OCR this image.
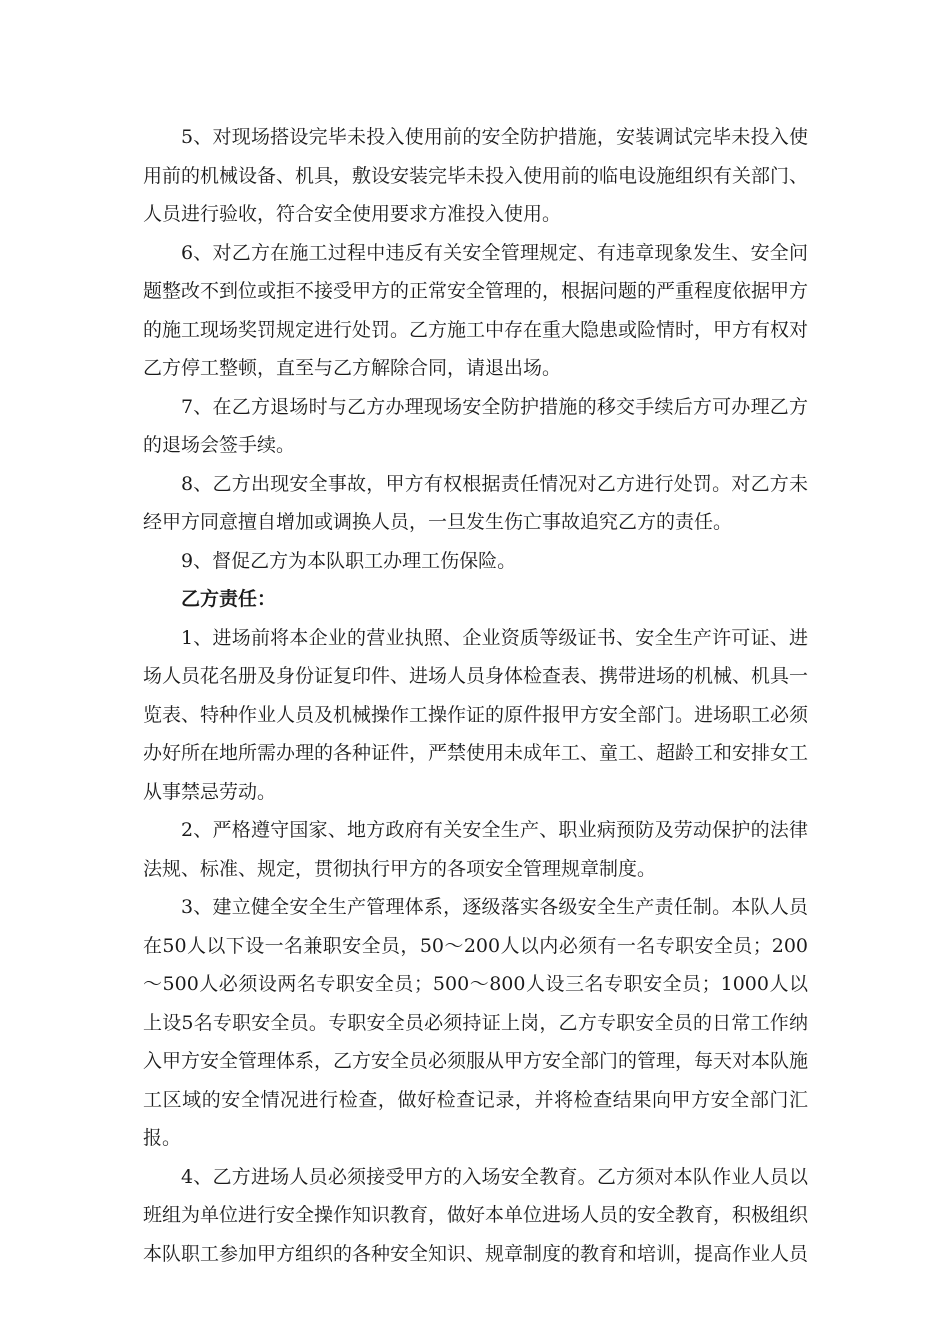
5、对现场搭设完毕未投入使用前的安全防护措施，安装调试完毕未投入使用前的机械设备、机具，敷设安装完毕未投入使用前的临电设施组织有关部门、人员进行验收，符合安全使用要求方准投入使用。

6、对乙方在施工过程中违反有关安全管理规定、有违章现象发生、安全问题整改不到位或拒不接受甲方的正常安全管理的，根据问题的严重程度依据甲方的施工现场奖罚规定进行处罚。乙方施工中存在重大隐患或险情时，甲方有权对乙方停工整顿，直至与乙方解除合同，请退出场。

7、在乙方退场时与乙方办理现场安全防护措施的移交手续后方可办理乙方的退场会签手续。

8、乙方出现安全事故，甲方有权根据责任情况对乙方进行处罚。对乙方未经甲方同意擅自增加或调换人员，一旦发生伤亡事故追究乙方的责任。

9、督促乙方为本队职工办理工伤保险。

乙方责任：

1、进场前将本企业的营业执照、企业资质等级证书、安全生产许可证、进场人员花名册及身份证复印件、进场人员身体检查表、携带进场的机械、机具一览表、特种作业人员及机械操作工操作证的原件报甲方安全部门。进场职工必须办好所在地所需办理的各种证件，严禁使用未成年工、童工、超龄工和安排女工从事禁忌劳动。

2、严格遵守国家、地方政府有关安全生产、职业病预防及劳动保护的法律法规、标准、规定，贯彻执行甲方的各项安全管理规章制度。

3、建立健全安全生产管理体系，逐级落实各级安全生产责任制。本队人员在50人以下设一名兼职安全员，50～200人以内必须有一名专职安全员；200～500人必须设两名专职安全员；500～800人设三名专职安全员；1000人以上设5名专职安全员。专职安全员必须持证上岗，乙方专职安全员的日常工作纳入甲方安全管理体系，乙方安全员必须服从甲方安全部门的管理，每天对本队施工区域的安全情况进行检查，做好检查记录，并将检查结果向甲方安全部门汇报。

4、乙方进场人员必须接受甲方的入场安全教育。乙方须对本队作业人员以班组为单位进行安全操作知识教育，做好本单位进场人员的安全教育，积极组织本队职工参加甲方组织的各种安全知识、规章制度的教育和培训，提高作业人员
